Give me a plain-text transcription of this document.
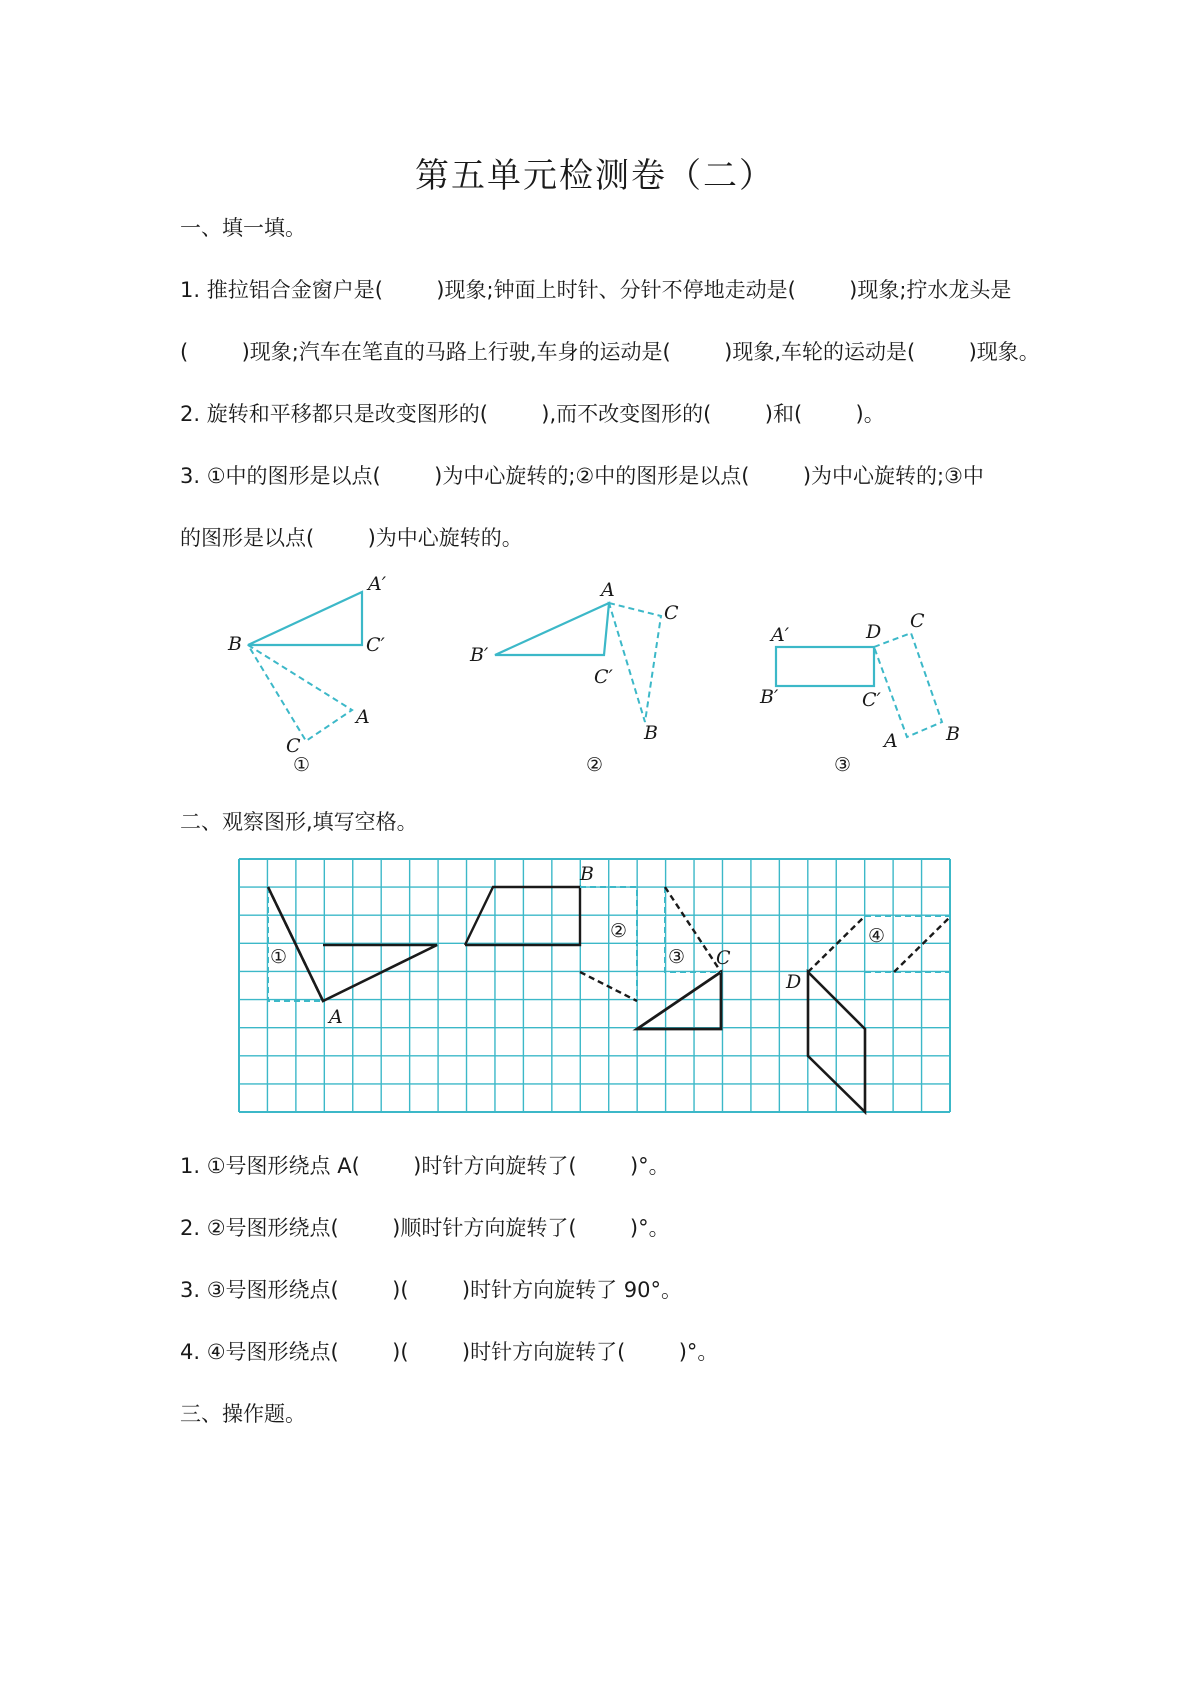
第五单元检测卷（二）
一、填一填。
1. 推拉铝合金窗户是(        )现象;钟面上时针、分针不停地走动是(        )现象;拧水龙头是
(        )现象;汽车在笔直的马路上行驶,车身的运动是(        )现象,车轮的运动是(        )现象。
2. 旋转和平移都只是改变图形的(        ),而不改变图形的(        )和(        )。
3. ①中的图形是以点(        )为中心旋转的;②中的图形是以点(        )为中心旋转的;③中
的图形是以点(        )为中心旋转的。
B
A′
C′
A
C
①
A
B′
C′
C
B
②
A′	D C
B′	C′
A	B
③
二、观察图形,填写空格。
①
②
③
④
A
B
C
D
1. ①号图形绕点 A(        )时针方向旋转了(        )°。
2. ②号图形绕点(        )顺时针方向旋转了(        )°。
3. ③号图形绕点(        )(        )时针方向旋转了 90°。
4. ④号图形绕点(        )(        )时针方向旋转了(        )°。
三、操作题。
